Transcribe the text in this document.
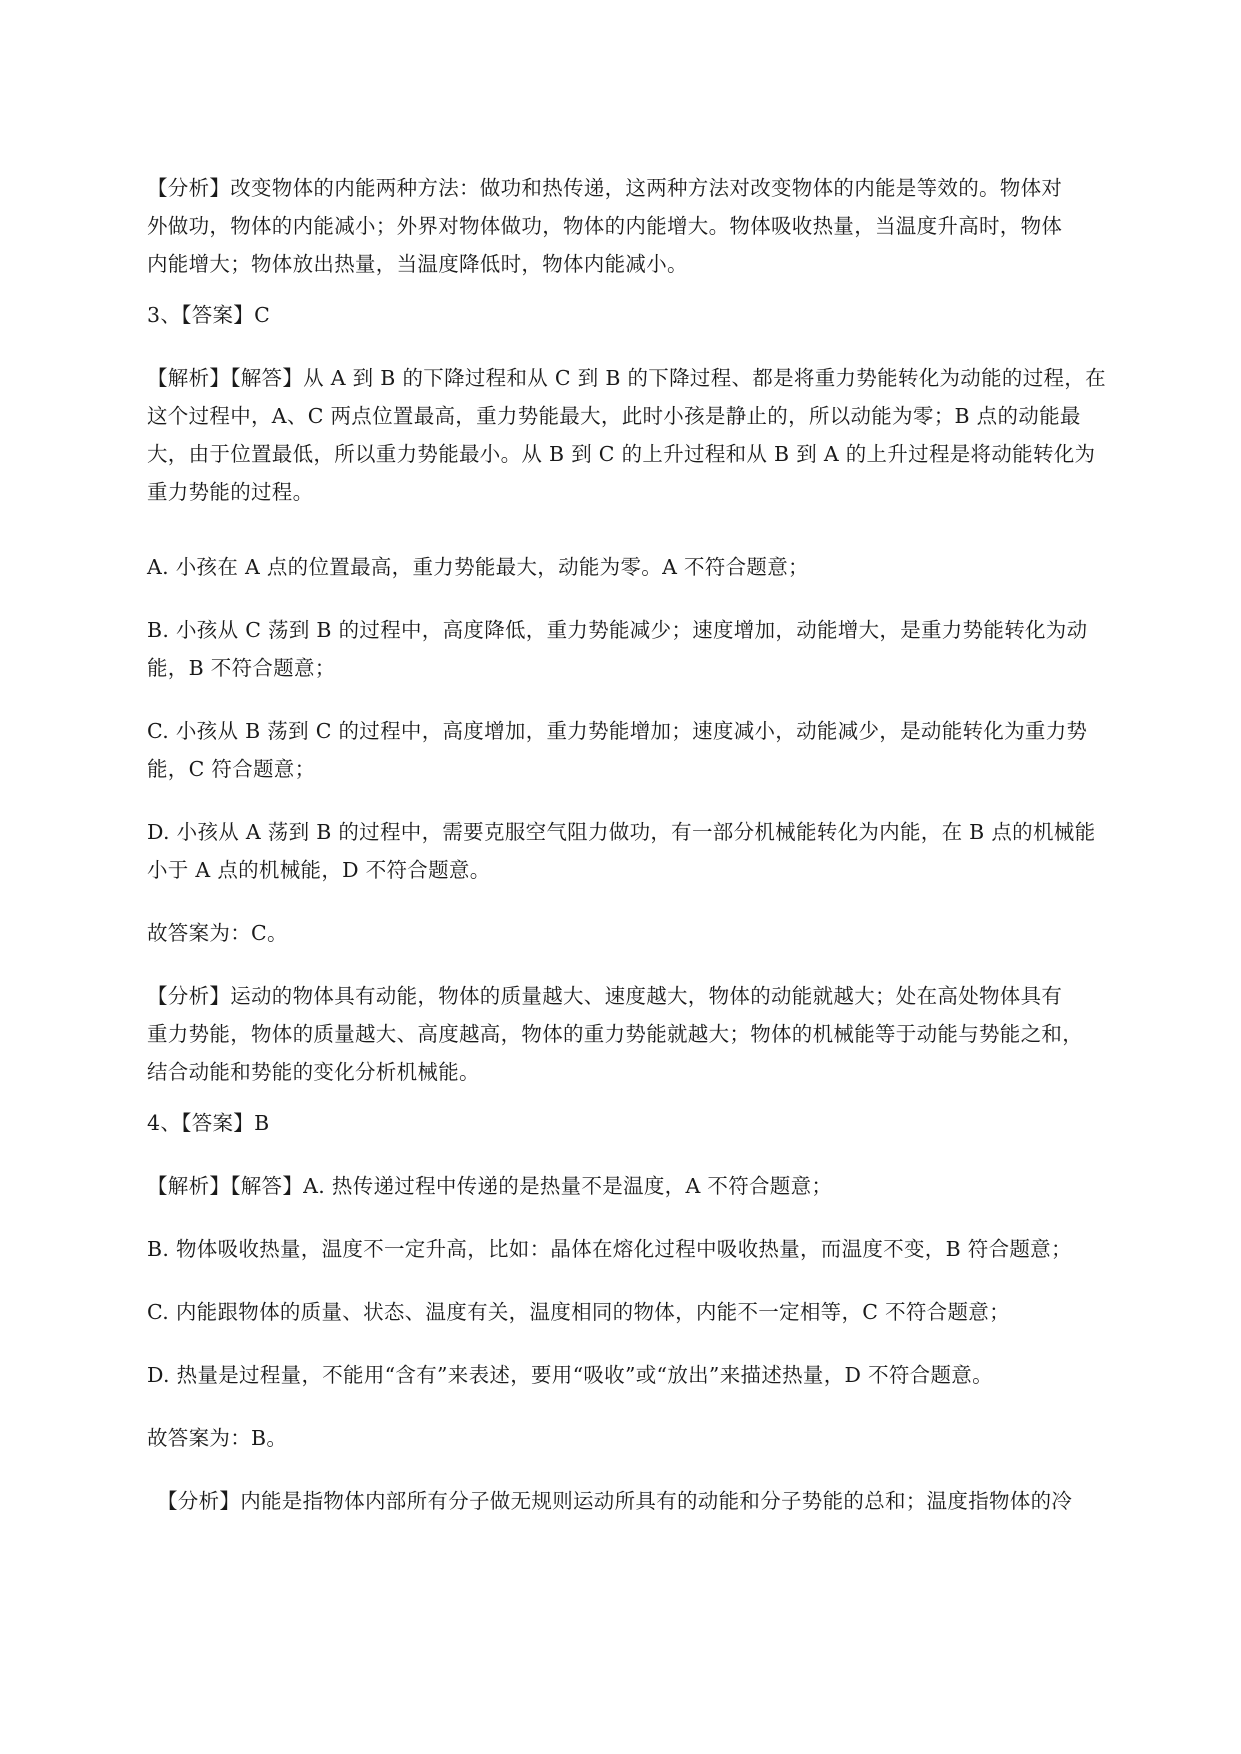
【分析】改变物体的内能两种方法：做功和热传递，这两种方法对改变物体的内能是等效的。物体对
外做功，物体的内能减小；外界对物体做功，物体的内能增大。物体吸收热量，当温度升高时，物体
内能增大；物体放出热量，当温度降低时，物体内能减小。
3、【答案】C
【解析】【解答】从 A 到 B 的下降过程和从 C 到 B 的下降过程、都是将重力势能转化为动能的过程，在
这个过程中，A、C 两点位置最高，重力势能最大，此时小孩是静止的，所以动能为零；B 点的动能最
大，由于位置最低，所以重力势能最小。从 B 到 C 的上升过程和从 B 到 A 的上升过程是将动能转化为
重力势能的过程。
A. 小孩在 A 点的位置最高，重力势能最大，动能为零。A 不符合题意；
B. 小孩从 C 荡到 B 的过程中，高度降低，重力势能减少；速度增加，动能增大，是重力势能转化为动
能，B 不符合题意；
C. 小孩从 B 荡到 C 的过程中，高度增加，重力势能增加；速度减小，动能减少，是动能转化为重力势
能，C 符合题意；
D. 小孩从 A 荡到 B 的过程中，需要克服空气阻力做功，有一部分机械能转化为内能，在 B 点的机械能
小于 A 点的机械能，D 不符合题意。
故答案为：C。
【分析】运动的物体具有动能，物体的质量越大、速度越大，物体的动能就越大；处在高处物体具有
重力势能，物体的质量越大、高度越高，物体的重力势能就越大；物体的机械能等于动能与势能之和，
结合动能和势能的变化分析机械能。
4、【答案】B
【解析】【解答】A. 热传递过程中传递的是热量不是温度，A 不符合题意；
B. 物体吸收热量，温度不一定升高，比如：晶体在熔化过程中吸收热量，而温度不变，B 符合题意；
C. 内能跟物体的质量、状态、温度有关，温度相同的物体，内能不一定相等，C 不符合题意；
D. 热量是过程量，不能用“含有”来表述，要用“吸收”或“放出”来描述热量，D 不符合题意。
故答案为：B。
【分析】内能是指物体内部所有分子做无规则运动所具有的动能和分子势能的总和；温度指物体的冷
